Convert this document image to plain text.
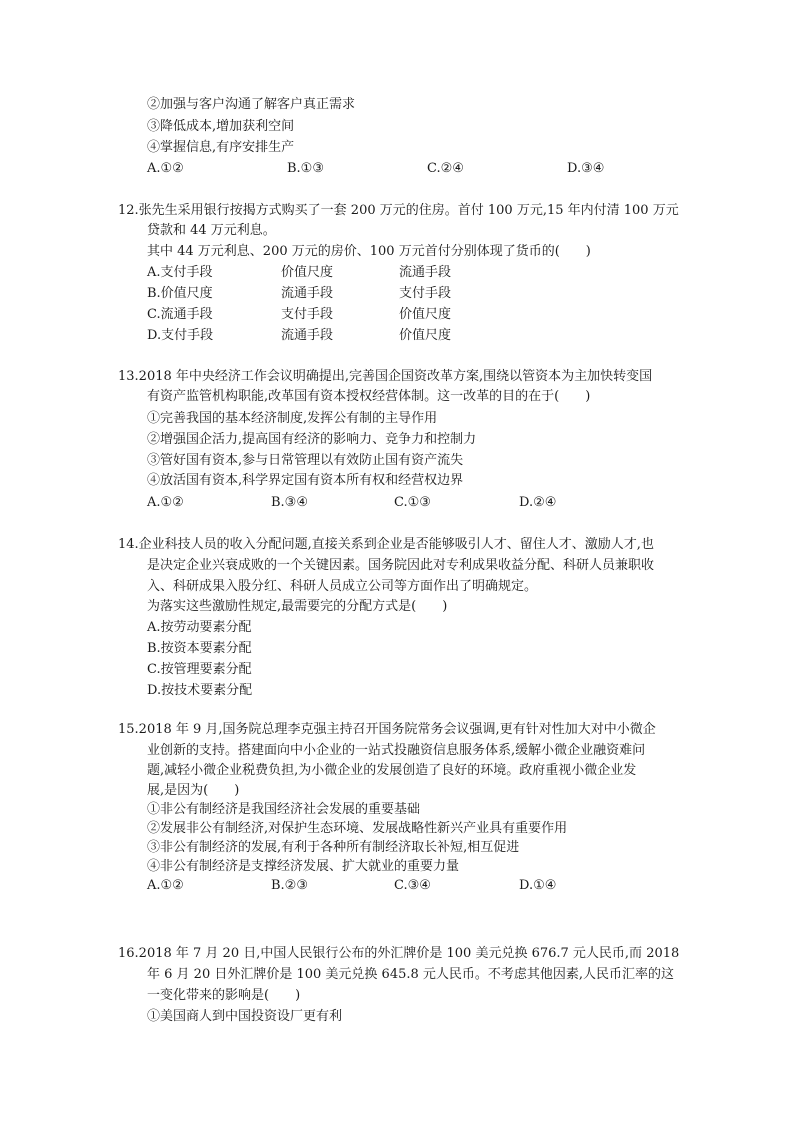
②加强与客户沟通了解客户真正需求
③降低成本,增加获利空间
④掌握信息,有序安排生产
A.①②	B.①③	C.②④	D.③④
12.张先生采用银行按揭方式购买了一套 200 万元的住房。首付 100 万元,15 年内付清 100 万元
贷款和 44 万元利息。
其中 44 万元利息、200 万元的房价、100 万元首付分别体现了货币的(　　)
A.支付手段	价值尺度	流通手段
B.价值尺度	流通手段	支付手段
C.流通手段	支付手段	价值尺度
D.支付手段	流通手段	价值尺度
13.2018 年中央经济工作会议明确提出,完善国企国资改革方案,围绕以管资本为主加快转变国
有资产监管机构职能,改革国有资本授权经营体制。这一改革的目的在于(　　)
①完善我国的基本经济制度,发挥公有制的主导作用
②增强国企活力,提高国有经济的影响力、竞争力和控制力
③管好国有资本,参与日常管理以有效防止国有资产流失
④放活国有资本,科学界定国有资本所有权和经营权边界
A.①②	B.③④	C.①③	D.②④
14.企业科技人员的收入分配问题,直接关系到企业是否能够吸引人才、留住人才、激励人才,也
是决定企业兴衰成败的一个关键因素。国务院因此对专利成果收益分配、科研人员兼职收
入、科研成果入股分红、科研人员成立公司等方面作出了明确规定。
为落实这些激励性规定,最需要完的分配方式是(　　)
A.按劳动要素分配
B.按资本要素分配
C.按管理要素分配
D.按技术要素分配
15.2018 年 9 月,国务院总理李克强主持召开国务院常务会议强调,更有针对性加大对中小微企
业创新的支持。搭建面向中小企业的一站式投融资信息服务体系,缓解小微企业融资难问
题,减轻小微企业税费负担,为小微企业的发展创造了良好的环境。政府重视小微企业发
展,是因为(　　)
①非公有制经济是我国经济社会发展的重要基础
②发展非公有制经济,对保护生态环境、发展战略性新兴产业具有重要作用
③非公有制经济的发展,有利于各种所有制经济取长补短,相互促进
④非公有制经济是支撑经济发展、扩大就业的重要力量
A.①②	B.②③	C.③④	D.①④
16.2018 年 7 月 20 日,中国人民银行公布的外汇牌价是 100 美元兑换 676.7 元人民币,而 2018
年 6 月 20 日外汇牌价是 100 美元兑换 645.8 元人民币。不考虑其他因素,人民币汇率的这
一变化带来的影响是(　　)
①美国商人到中国投资设厂更有利
